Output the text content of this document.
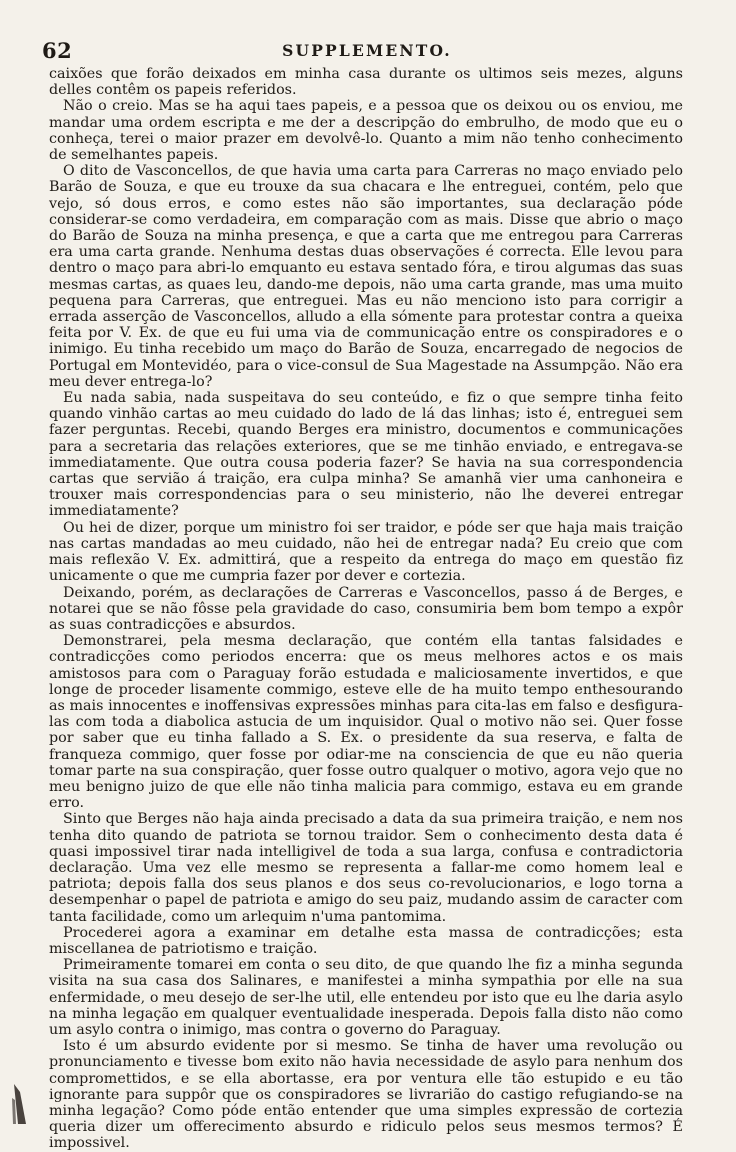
62	SUPPLEMENTO.

caixões que forão deixados em minha casa durante os ultimos seis mezes, alguns delles contêm os papeis referidos.

Não o creio. Mas se ha aqui taes papeis, e a pessoa que os deixou ou os enviou, me mandar uma ordem escripta e me der a descripção do embrulho, de modo que eu o conheça, terei o maior prazer em devolvê-lo. Quanto a mim não tenho conhecimento de semelhantes papeis.

O dito de Vasconcellos, de que havia uma carta para Carreras no maço enviado pelo Barão de Souza, e que eu trouxe da sua chacara e lhe entreguei, contém, pelo que vejo, só dous erros, e como estes não são importantes, sua declaração póde considerar-se como verdadeira, em comparação com as mais. Disse que abrio o maço do Barão de Souza na minha presença, e que a carta que me entregou para Carreras era uma carta grande. Nenhuma destas duas observações é correcta. Elle levou para dentro o maço para abri-lo emquanto eu estava sentado fóra, e tirou algumas das suas mesmas cartas, as quaes leu, dando-me depois, não uma carta grande, mas uma muito pequena para Carreras, que entreguei. Mas eu não menciono isto para corrigir a errada asserção de Vasconcellos, alludo a ella sómente para protestar contra a queixa feita por V. Ex. de que eu fui uma via de communicação entre os conspiradores e o inimigo. Eu tinha recebido um maço do Barão de Souza, encarregado de negocios de Portugal em Montevidéo, para o vice-consul de Sua Magestade na Assumpção. Não era meu dever entrega-lo?

Eu nada sabia, nada suspeitava do seu conteúdo, e fiz o que sempre tinha feito quando vinhão cartas ao meu cuidado do lado de lá das linhas; isto é, entreguei sem fazer perguntas. Recebi, quando Berges era ministro, documentos e communicações para a secretaria das relações exteriores, que se me tinhão enviado, e entregava-se immediatamente. Que outra cousa poderia fazer? Se havia na sua correspondencia cartas que servião á traição, era culpa minha? Se amanhã vier uma canhoneira e trouxer mais correspondencias para o seu ministerio, não lhe deverei entregar immediatamente?

Ou hei de dizer, porque um ministro foi ser traidor, e póde ser que haja mais traição nas cartas mandadas ao meu cuidado, não hei de entregar nada? Eu creio que com mais reflexão V. Ex. admittirá, que a respeito da entrega do maço em questão fiz unicamente o que me cumpria fazer por dever e cortezia.

Deixando, porém, as declarações de Carreras e Vasconcellos, passo á de Berges, e notarei que se não fôsse pela gravidade do caso, consumiria bem bom tempo a expôr as suas contradicções e absurdos.

Demonstrarei, pela mesma declaração, que contém ella tantas falsidades e contradicções como periodos encerra: que os meus melhores actos e os mais amistosos para com o Paraguay forão estudada e maliciosamente invertidos, e que longe de proceder lisamente commigo, esteve elle de ha muito tempo enthesourando as mais innocentes e inoffensivas expressões minhas para cita-las em falso e desfigura-las com toda a diabolica astucia de um inquisidor. Qual o motivo não sei. Quer fosse por saber que eu tinha fallado a S. Ex. o presidente da sua reserva, e falta de franqueza commigo, quer fosse por odiar-me na consciencia de que eu não queria tomar parte na sua conspiração, quer fosse outro qualquer o motivo, agora vejo que no meu benigno juizo de que elle não tinha malicia para commigo, estava eu em grande erro.

Sinto que Berges não haja ainda precisado a data da sua primeira traição, e nem nos tenha dito quando de patriota se tornou traidor. Sem o conhecimento desta data é quasi impossivel tirar nada intelligivel de toda a sua larga, confusa e contradictoria declaração. Uma vez elle mesmo se representa a fallar-me como homem leal e patriota; depois falla dos seus planos e dos seus co-revolucionarios, e logo torna a desempenhar o papel de patriota e amigo do seu paiz, mudando assim de caracter com tanta facilidade, como um arlequim n'uma pantomima.

Procederei agora a examinar em detalhe esta massa de contradicções; esta miscellanea de patriotismo e traição.

Primeiramente tomarei em conta o seu dito, de que quando lhe fiz a minha segunda visita na sua casa dos Salinares, e manifestei a minha sympathia por elle na sua enfermidade, o meu desejo de ser-lhe util, elle entendeu por isto que eu lhe daria asylo na minha legação em qualquer eventualidade inesperada. Depois falla disto não como um asylo contra o inimigo, mas contra o governo do Paraguay.

Isto é um absurdo evidente por si mesmo. Se tinha de haver uma revolução ou pronunciamento e tivesse bom exito não havia necessidade de asylo para nenhum dos compromettidos, e se ella abortasse, era por ventura elle tão estupido e eu tão ignorante para suppôr que os conspiradores se livrarião do castigo refugiando-se na minha legação? Como póde então entender que uma simples expressão de cortezia queria dizer um offerecimento absurdo e ridiculo pelos seus mesmos termos? É impossivel.
